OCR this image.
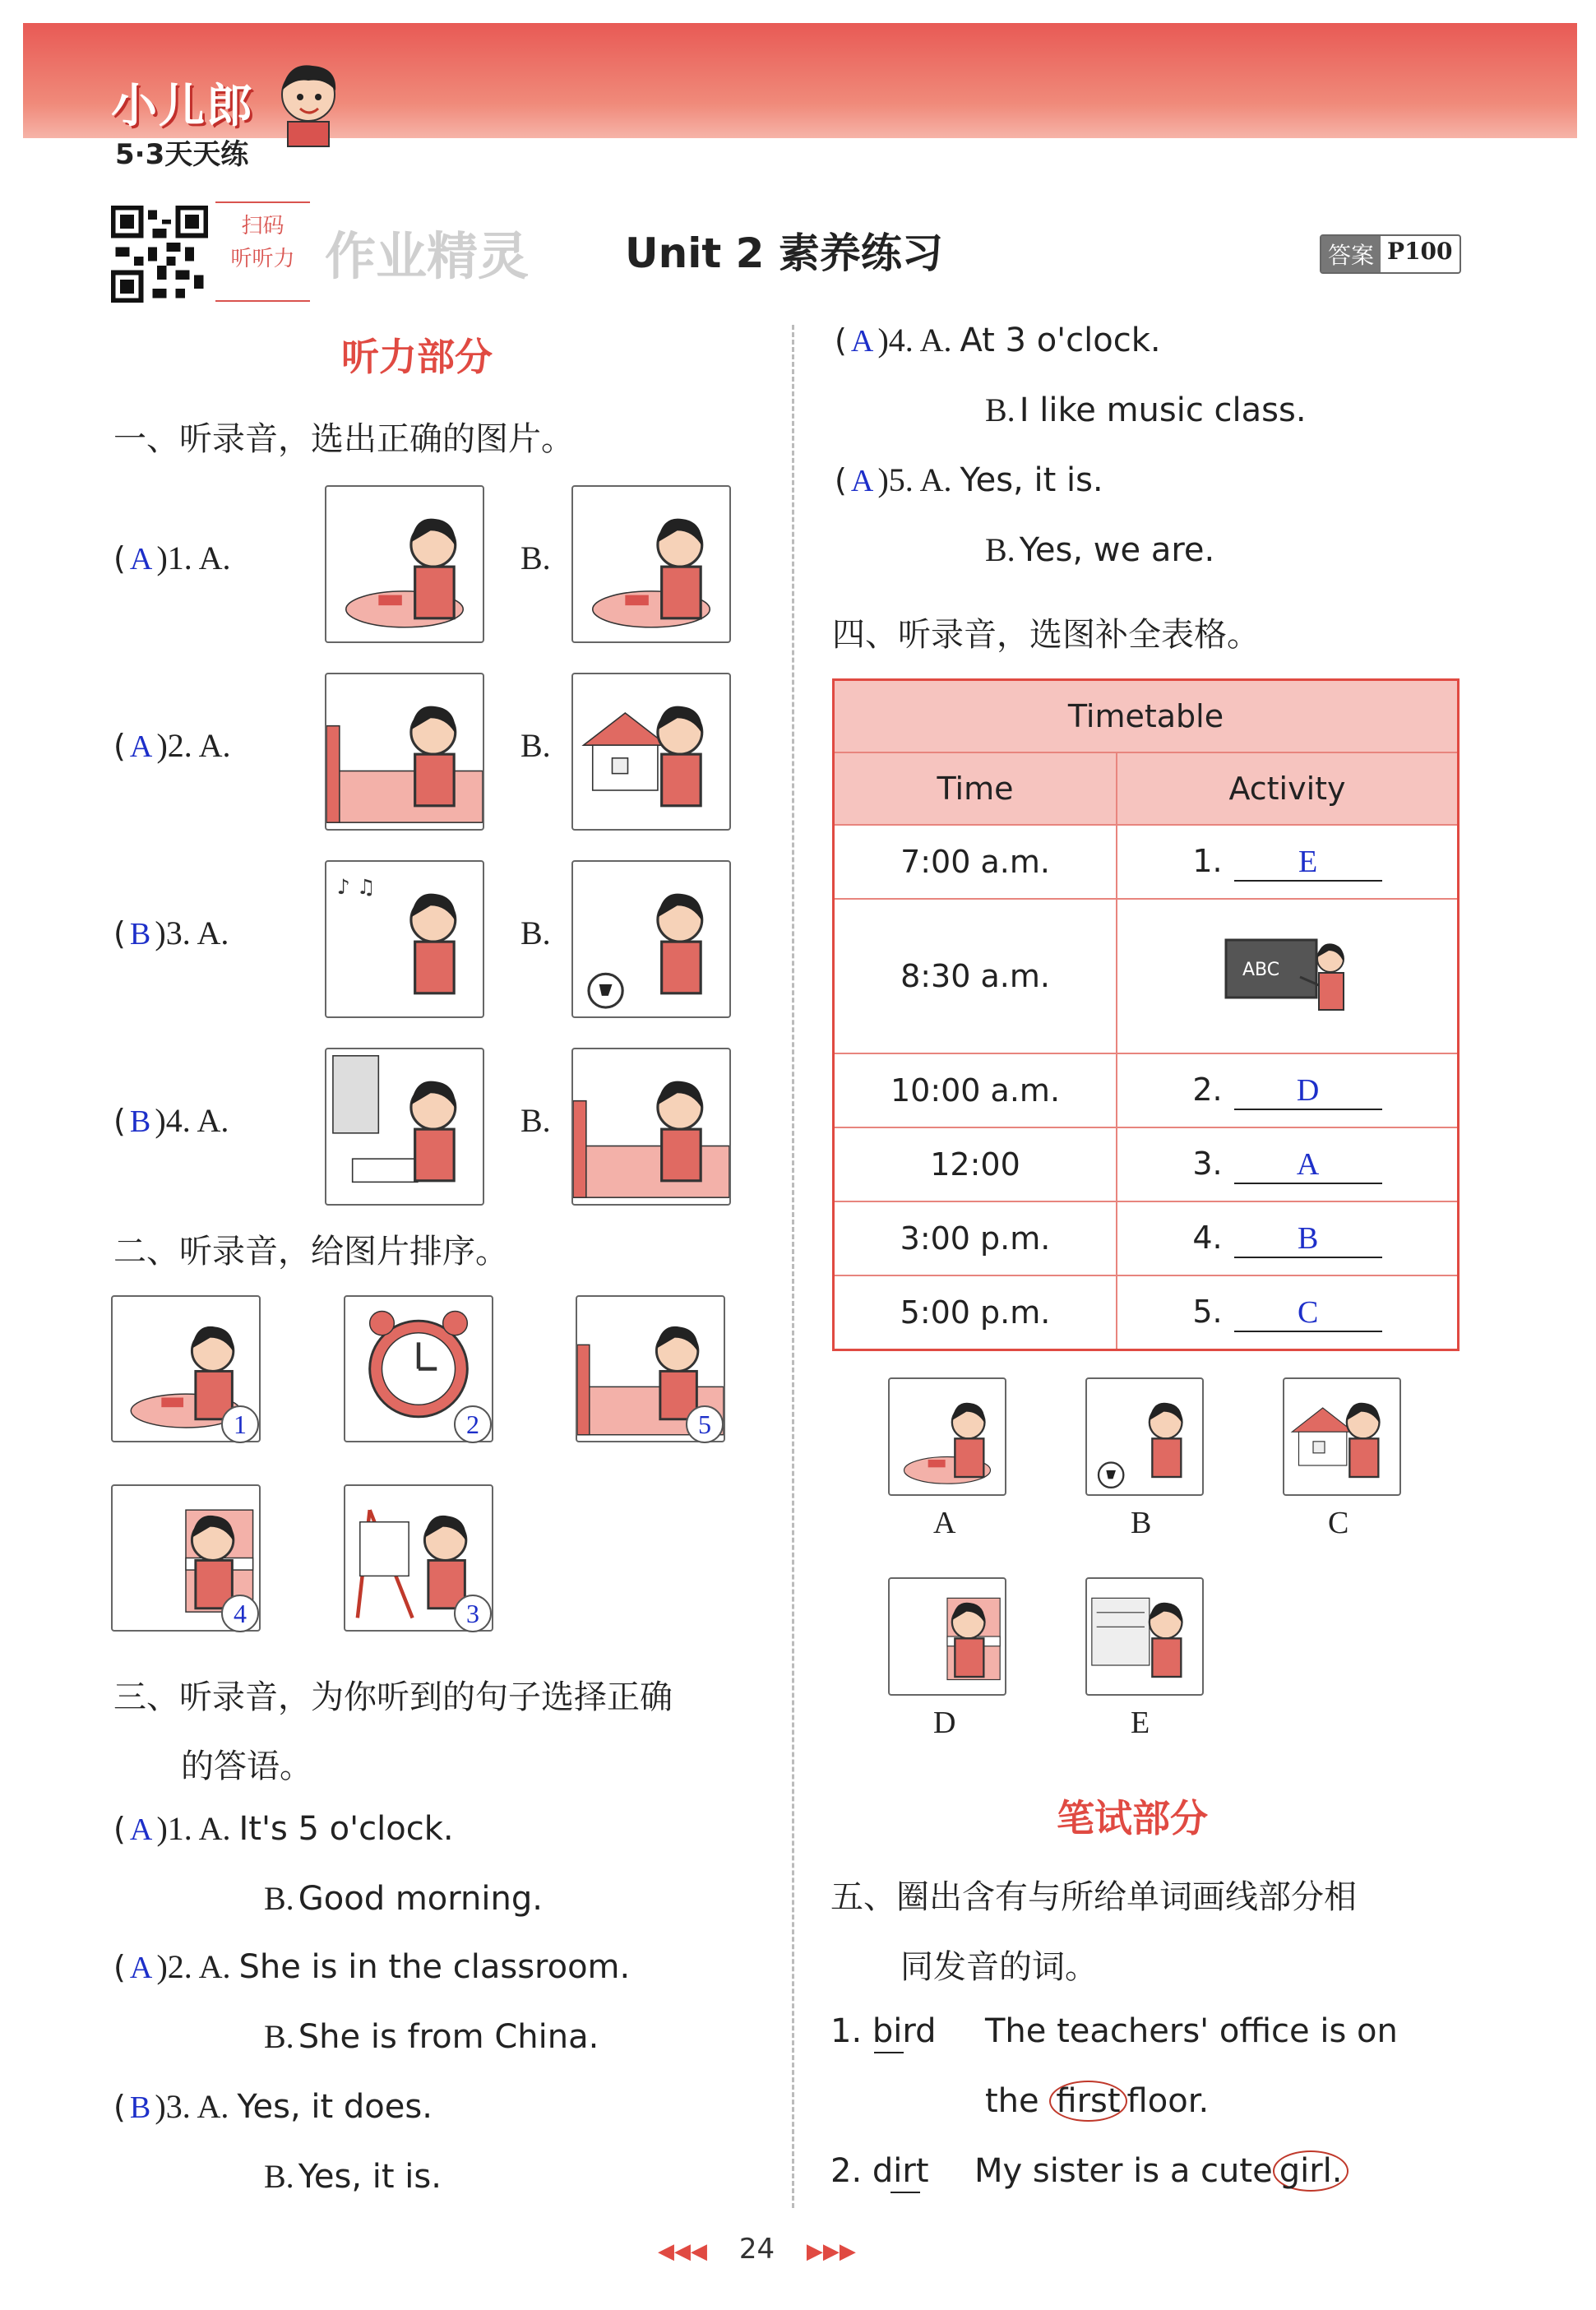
小儿郎
5·3天天练
扫码
听听力 作业精灵 Unit 2 素养练习	答案 P100
听力部分
一、听录音，选出正确的图片。
( A )1. A.	B.
( A )2. A.	B.
( B )3. A.
♪ ♫
B.
( B )4. A.	B.
二、听录音，给图片排序。
1	2	5
4	3
三、听录音，为你听到的句子选择正确
的答语。
( A )1. A. It's 5 o'clock.
B. Good morning.
( A )2. A. She is in the classroom.
B. She is from China.
( B )3. A. Yes, it does.
B. Yes, it is.
( A )4. A. At 3 o'clock.
B. I like music class.
( A )5. A. Yes, it is.
B. Yes, we are.
四、听录音，选图补全表格。
Timetable	
Time	Activity
7:00 a.m.	1. E
8:30 a.m.	ABC

10:00 a.m.	2. D
12:00	3. A
3:00 p.m.	4. B
5:00 p.m.	5. C
A	B	C
D	E
笔试部分
五、圈出含有与所给单词画线部分相
同发音的词。
1. bird The teachers' office is on
the first floor.
2. dirt My sister is a cute girl.
◀◀◀ 24 ▶▶▶
